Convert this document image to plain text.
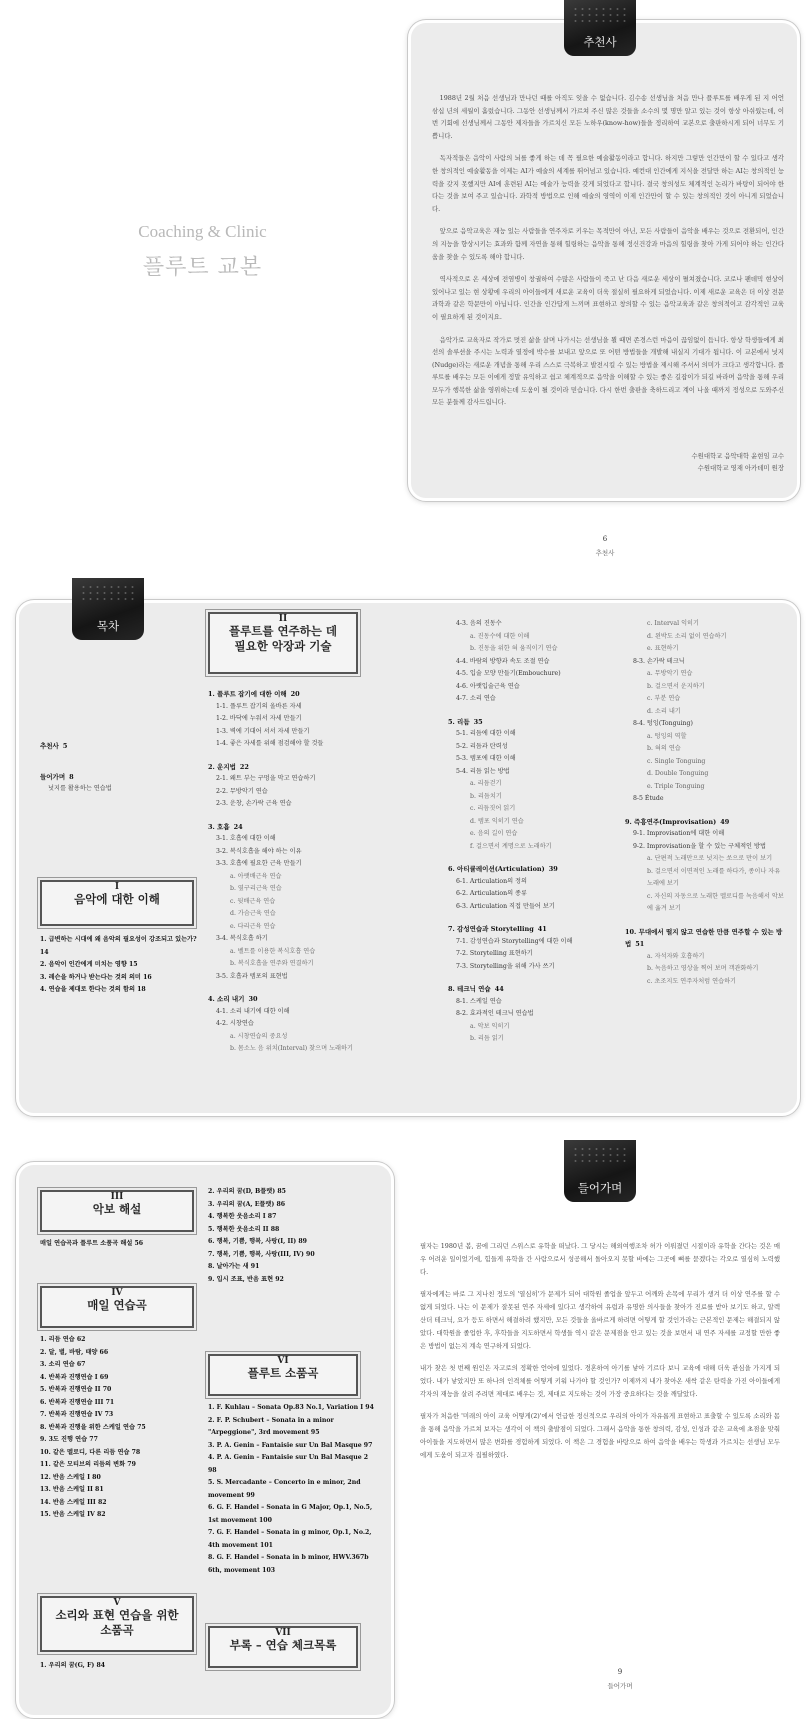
Coaching & Clinic
플루트 교본
추천사

1988년 2월 처음 선생님과 만나던 때를 아직도 잊을 수 없습니다. 김수송 선생님을 처음 만나 플루트를 배우게 된 지 어언 삼십 년의 세월이 흘렀습니다. 그동안 선생님께서 가르쳐 주신 많은 것들을 소수의 몇 명만 알고 있는 것이 항상 아쉬웠는데, 이번 기회에 선생님께서 그동안 제자들을 가르치신 모든 노하우(know-how)들을 정리하여 교본으로 출판하시게 되어 너무도 기쁩니다.

독자적들은 음악이 사람의 뇌를 좋게 하는 데 꼭 필요한 예술활동이라고 합니다. 하지만 그렇만 인간만이 할 수 있다고 생각한 창의적인 예술활동을 이제는 AI가 예술의 세계를 뛰어넘고 있습니다. 예컨대 인간에게 지식을 전달만 하는 AI는 창의적인 능력을 갖지 못했지만 AI에 훈련된 AI는 예술가 능력을 갖게 되었다고 합니다. 결국 창의성도 체계적인 논리가 바탕이 되어야 한다는 것을 보여 주고 있습니다. 과학적 방법으로 인해 예술의 영역이 이제 인간만이 할 수 있는 창의적인 것이 아니게 되었습니다.

앞으로 음악교육은 재능 있는 사람들을 연주자로 키우는 목적만이 아닌, 모든 사람들이 음악을 배우는 것으로 전환되어, 인간의 지능을 향상시키는 효과와 함께 자연을 통해 힐링하는 음악을 통해 정신건강과 마음의 힐링을 찾아 가게 되어야 하는 인간다움을 찾을 수 있도록 해야 합니다.

역사적으로 온 세상에 전염병이 창궐하여 수많은 사람들이 죽고 난 다음 새로운 세상이 펼쳐졌습니다. 코로나 팬데믹 현상이 있어나고 있는 현 상황에 우리의 아이들에게 새로운 교육이 더욱 절실히 필요하게 되었습니다. 이제 새로운 교육은 더 이상 전문과학과 같은 학문만이 아닙니다. 인간을 인간답게 느끼며 표현하고 창의할 수 있는 음악교육과 같은 창의적이고 감각적인 교육이 필요하게 된 것이지요.

음악가로 교육자로 작가로 멋진 삶을 살며 나가시는 선생님을 뵐 때면 존경스런 마음이 끊임없이 듭니다. 항상 학생들에게 최선의 솔루션을 주시는 노력과 열정에 박수를 보내고 앞으로 또 어떤 방법들을 개발해 내실지 기대가 됩니다. 이 교본에서 넛지(Nudge)라는 새로운 개념을 통해 우리 스스로 극복하고 발전시킬 수 있는 방법을 제시해 주셔서 의미가 크다고 생각합니다. 플루트를 배우는 모든 이에게 정말 유익하고 쉽고 체계적으로 음악을 이해할 수 있는 좋은 길잡이가 되길 바라며 음악을 통해 우리 모두가 행복한 삶을 영위하는데 도움이 될 것이라 믿습니다. 다시 한번 출판을 축하드리고 계이 나올 때까지 정성으로 도와주신 모든 분들께 감사드립니다.

수원대학교 음악대학 윤현임 교수
수원대학교 영재 아카데미 원장
6
추천사
목차
추천사 5
들어가며 8
넛지를 활용하는 연습법
I
음악에 대한 이해
1. 급변하는 시대에 왜 음악의 필요성이 강조되고 있는가? 14
2. 음악이 인간에게 미치는 영향 15
3. 레슨을 하거나 받는다는 것의 의미 16
4. 연습을 제대로 한다는 것의 함의 18
II
플루트를 연주하는 데
필요한 악장과 기술
1. 플루트 잡기에 대한 이해 20
1-1. 플루트 잡기의 올바른 자세
1-2. 바닥에 누워서 자세 만들기
1-3. 벽에 기대어 서서 자세 만들기
1-4. 좋은 자세를 위해 점검해야 할 것들
2. 운지법 22
2-1. 왜트 부는 구멍을 막고 연습하기
2-2. 무방악기 연습
2-3. 운창, 손가락 근육 연습
3. 호흡 24
3-1. 호흡에 대한 이해
3-2. 복식호흡을 해야 하는 이유
3-3. 호흡에 필요한 근육 만들기
a. 아랫배근육 연습
b. 옆구리근육 연습
c. 뒷배근육 연습
d. 가슴근육 연습
e. 다리근육 연습
3-4. 복식호흡 하기
a. 벨트를 이용한 복식호흡 연습
b. 복식호흡을 연주와 연결하기
3-5. 호흡과 템포의 표현법
4. 소리 내기 30
4-1. 소리 내기에 대한 이해
4-2. 시창연습
a. 시창연습의 중요성
b. 몸소노 음 위치(Interval) 찾으며 노래하기
4-3. 음의 진동수
a. 진동수에 대한 이해
b. 진동을 위한 혀 움직이기 연습
4-4. 바람의 방향과 속도 조절 연습
4-5. 입술 모양 만들기(Embouchure)
4-6. 아랫입술근육 연습
4-7. 소리 연습
5. 리듬 35
5-1. 리듬에 대한 이해
5-2. 리듬과 탄력성
5-3. 템포에 대한 이해
5-4. 리듬 읽는 방법
a. 리듬걷기
b. 리듬치기
c. 리듬짓어 읽기
d. 템포 익히기 연습
e. 음의 길이 연습
f. 걸으면서 계명으로 노래하기
6. 아티큘레이션(Articulation) 39
6-1. Articulation의 정의
6-2. Articulation의 종류
6-3. Articulation 직접 만들어 보기
7. 감성연습과 Storytelling 41
7-1. 감성연습과 Storytelling에 대한 이해
7-2. Storytelling 표현하기
7-3. Storytelling을 위해 가사 쓰기
8. 테크닉 연습 44
8-1. 스케일 연습
8-2. 효과적인 테크닉 연습법
a. 악보 익히기
b. 리듬 읽기
c. Interval 익히기
d. 왼박도 소리 없이 연습하기
e. 표현하기
8-3. 손가락 테크닉
a. 무방악기 연습
b. 걸으면서 운지하기
c. 부분 연습
d. 소리 내기
8-4. 텅잉(Tonguing)
a. 텅잉의 역할
b. 혀의 연습
c. Single Tonguing
d. Double Tonguing
e. Triple Tonguing
8-5 Étude
9. 즉흥연주(Improvisation) 49
9-1. Improvisation에 대한 이해
9-2. Improvisation을 할 수 있는 구체적인 방법
a. 단편적 노래만으로 넛지는 쏘으로 만이 보기
b. 걸으면서 이면적인 노래를 하다가, 종이나 자유 노래에 보기
c. 자신의 자동으로 노래한 멜로디를 녹음해서 악보에 옮겨 보기
10. 무대에서 떨지 않고 연습한 만큼 연주할 수 있는 방법 51
a. 자석자와 호흡하기
b. 녹음하고 영상을 찍어 보며 객관화하기
c. 초조지도 연주자처럼 연습하기
III
악보 해설
매일 연습곡과 플루트 소품곡 해설 56
IV
매일 연습곡
1. 리듬 연습 62
2. 달, 별, 바람, 태양 66
3. 소리 연습 67
4. 반복과 진행연습 I 69
5. 반복과 진행연습 II 70
6. 반복과 진행연습 III 71
7. 반복과 진행연습 IV 73
8. 반복과 진행을 위한 스케일 연습 75
9. 3도 진행 연습 77
10. 같은 멜로디, 다른 리듬 연습 78
11. 같은 모티브의 리듬의 변화 79
12. 반음 스케일 I 80
13. 반음 스케일 II 81
14. 반음 스케일 III 82
15. 반음 스케일 IV 82
V
소리와 표현 연습을 위한
소품곡
1. 우리의 꿈(G, F) 84
2. 우리의 꿈(D, B플랫) 85
3. 우리의 꿈(A, E플랫) 86
4. 행복한 웃음소리 I 87
5. 행복한 웃음소리 II 88
6. 행복, 기쁨, 행복, 사랑(I, II) 89
7. 행복, 기쁨, 행복, 사랑(III, IV) 90
8. 날아가는 새 91
9. 입시 조표, 반음 표현 92
VI
플루트 소품곡
1. F. Kuhlau – Sonata Op.83 No.1, Variation I 94
2. F. P. Schubert – Sonata in a minor "Arpeggione", 3rd movement 95
3. P. A. Genin – Fantaisie sur Un Bal Masque 97
4. P. A. Genin – Fantaisie sur Un Bal Masque 2 98
5. S. Mercadante – Concerto in e minor, 2nd movement 99
6. G. F. Handel – Sonata in G Major, Op.1, No.5, 1st movement 100
7. G. F. Handel – Sonata in g minor, Op.1, No.2, 4th movement 101
8. G. F. Handel – Sonata in b minor, HWV.367b 6th, movement 103
VII
부록 – 연습 체크목록
들어가며

필자는 1980년 봄, 꿈에 그리던 스위스로 유학을 떠났다. 그 당시는 해외여행조차 허가 이뤄졌던 시절이라 유학을 간다는 것은 매우 어려운 일이었기에, 힘들게 유학을 간 사람으로서 성공해서 돌아오지 못할 바에는 그곳에 뼈를 묻겠다는 각오로 열심히 노력했다.

필자에게는 바로 그 지나친 정도의 '열심히'가 문제가 되어 대학원 졸업을 앞두고 어깨와 손목에 무리가 생겨 더 이상 연주를 할 수 없게 되었다. 나는 이 문제가 잘못된 연주 자세에 있다고 생각하여 유럽과 유명한 의사들을 찾아가 진료를 받아 보기도 하고, 알렉산더 테크닉, 요가 등도 하면서 해결하려 했지만, 모든 것들을 올바르게 하려면 어떻게 할 것인가라는 근본적인 문제는 해결되지 않았다. 대학원을 졸업한 후, 후학들을 지도하면서 학생들 역시 같은 문제점을 안고 있는 것을 보면서 내 연주 자세를 교정할 만한 좋은 방법이 없는지 계속 연구하게 되었다.

내가 찾은 첫 번째 원인은 자고로의 정확한 언어에 있었다. 경혼하여 아기를 낳아 기르다 보니 교육에 대해 더욱 관심을 가지게 되었다. 내가 낳았지만 또 하나의 인격체를 어떻게 키워 나가야 할 것인가? 이제까지 내가 찾아온 새싹 같은 탄력을 가진 아이들에게 각자의 재능을 살려 주려면 제대로 배우는 것, 제대로 지도하는 것이 가장 중요하다는 것을 깨달았다.

필자가 처음한 '미래의 아이 교육 어떻게(2)'에서 언급한 정신적으로 우리의 아이가 자유롭게 표현하고 표출할 수 있도록 소리와 몸을 통해 음악을 가르쳐 보자는 생각이 이 책의 출발점이 되었다. 그래서 음악을 통한 창의력, 감성, 인성과 같은 교육에 초점을 맞춰 아이들을 지도하면서 많은 변화를 경험하게 되었다. 이 책은 그 경험을 바탕으로 하여 음악을 배우는 학생과 가르치는 선생님 모두에게 도움이 되고자 집필하였다.

9
들어가며
